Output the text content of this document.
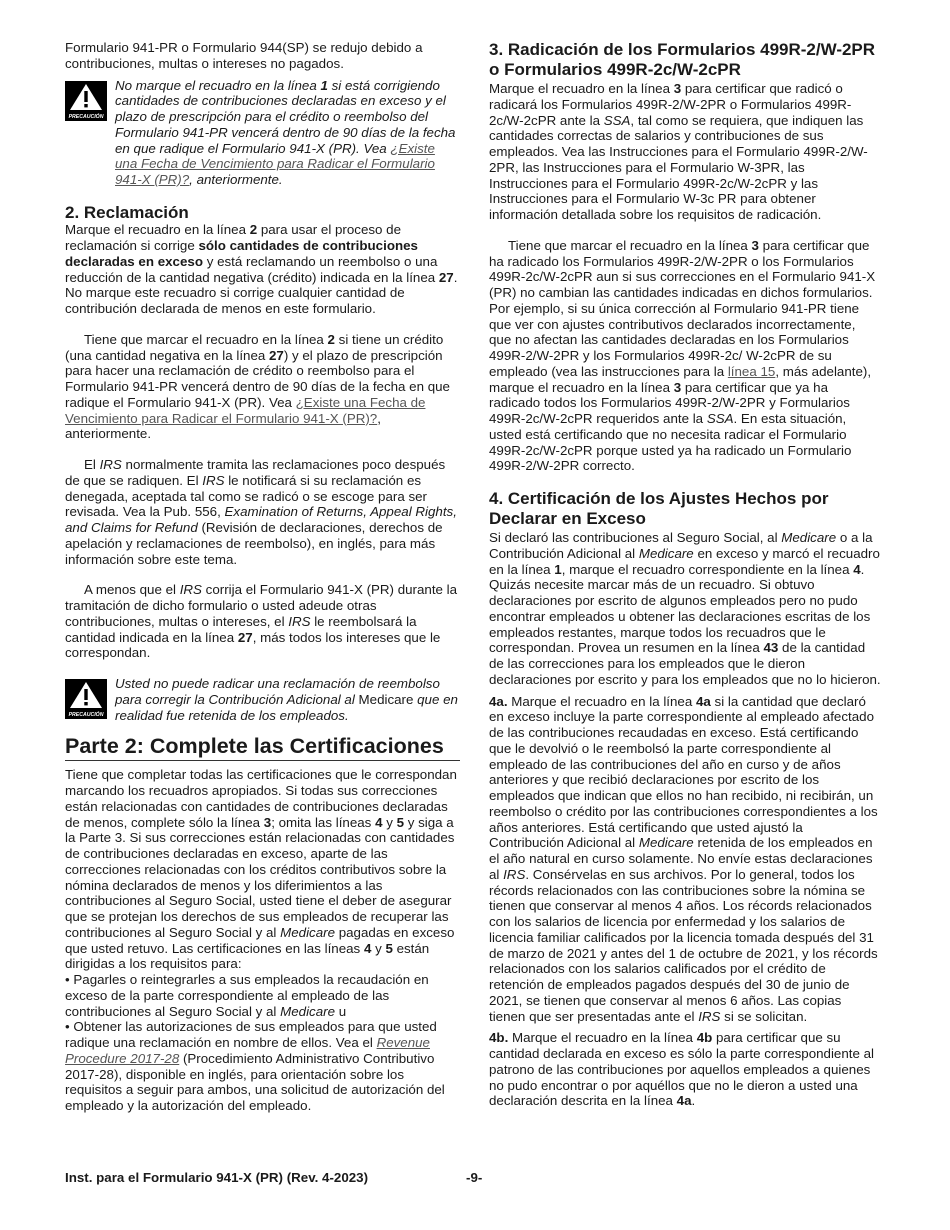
Formulario 941-PR o Formulario 944(SP) se redujo debido a contribuciones, multas o intereses no pagados.

PRECAUCIÓN
No marque el recuadro en la línea 1 si está corrigiendo cantidades de contribuciones declaradas en exceso y el plazo de prescripción para el crédito o reembolso del Formulario 941-PR vencerá dentro de 90 días de la fecha en que radique el Formulario 941-X (PR). Vea ¿Existe una Fecha de Vencimiento para Radicar el Formulario 941-X (PR)?, anteriormente.
2. Reclamación

Marque el recuadro en la línea 2 para usar el proceso de reclamación si corrige sólo cantidades de contribuciones declaradas en exceso y está reclamando un reembolso o una reducción de la cantidad negativa (crédito) indicada en la línea 27. No marque este recuadro si corrige cualquier cantidad de contribución declarada de menos en este formulario.

Tiene que marcar el recuadro en la línea 2 si tiene un crédito (una cantidad negativa en la línea 27) y el plazo de prescripción para hacer una reclamación de crédito o reembolso para el Formulario 941-PR vencerá dentro de 90 días de la fecha en que radique el Formulario 941-X (PR). Vea ¿Existe una Fecha de Vencimiento para Radicar el Formulario 941-X (PR)?, anteriormente.

El IRS normalmente tramita las reclamaciones poco después de que se radiquen. El IRS le notificará si su reclamación es denegada, aceptada tal como se radicó o se escoge para ser revisada. Vea la Pub. 556, Examination of Returns, Appeal Rights, and Claims for Refund (Revisión de declaraciones, derechos de apelación y reclamaciones de reembolso), en inglés, para más información sobre este tema.

A menos que el IRS corrija el Formulario 941-X (PR) durante la tramitación de dicho formulario o usted adeude otras contribuciones, multas o intereses, el IRS le reembolsará la cantidad indicada en la línea 27, más todos los intereses que le correspondan.

PRECAUCIÓN
Usted no puede radicar una reclamación de reembolso para corregir la Contribución Adicional al Medicare que en realidad fue retenida de los empleados.
Parte 2: Complete las Certificaciones

Tiene que completar todas las certificaciones que le correspondan marcando los recuadros apropiados. Si todas sus correcciones están relacionadas con cantidades de contribuciones declaradas de menos, complete sólo la línea 3; omita las líneas 4 y 5 y siga a la Parte 3. Si sus correcciones están relacionadas con cantidades de contribuciones declaradas en exceso, aparte de las correcciones relacionadas con los créditos contributivos sobre la nómina declarados de menos y los diferimientos a las contribuciones al Seguro Social, usted tiene el deber de asegurar que se protejan los derechos de sus empleados de recuperar las contribuciones al Seguro Social y al Medicare pagadas en exceso que usted retuvo. Las certificaciones en las líneas 4 y 5 están dirigidas a los requisitos para:

• Pagarles o reintegrarles a sus empleados la recaudación en exceso de la parte correspondiente al empleado de las contribuciones al Seguro Social y al Medicare u

• Obtener las autorizaciones de sus empleados para que usted radique una reclamación en nombre de ellos. Vea el Revenue Procedure 2017-28 (Procedimiento Administrativo Contributivo 2017-28), disponible en inglés, para orientación sobre los requisitos a seguir para ambos, una solicitud de autorización del empleado y la autorización del empleado.

3. Radicación de los Formularios 499R-2/W-2PR o Formularios 499R-2c/W-2cPR

Marque el recuadro en la línea 3 para certificar que radicó o radicará los Formularios 499R-2/W-2PR o Formularios 499R-2c/W-2cPR ante la SSA, tal como se requiera, que indiquen las cantidades correctas de salarios y contribuciones de sus empleados. Vea las Instrucciones para el Formulario 499R-2/W-2PR, las Instrucciones para el Formulario W-3PR, las Instrucciones para el Formulario 499R-2c/W-2cPR y las Instrucciones para el Formulario W-3c PR para obtener información detallada sobre los requisitos de radicación.

Tiene que marcar el recuadro en la línea 3 para certificar que ha radicado los Formularios 499R-2/W-2PR o los Formularios 499R-2c/W-2cPR aun si sus correcciones en el Formulario 941-X (PR) no cambian las cantidades indicadas en dichos formularios. Por ejemplo, si su única corrección al Formulario 941-PR tiene que ver con ajustes contributivos declarados incorrectamente, que no afectan las cantidades declaradas en los Formularios 499R-2/W-2PR y los Formularios 499R-2c/ W-2cPR de su empleado (vea las instrucciones para la línea 15, más adelante), marque el recuadro en la línea 3 para certificar que ya ha radicado todos los Formularios 499R-2/W-2PR y Formularios 499R-2c/W-2cPR requeridos ante la SSA. En esta situación, usted está certificando que no necesita radicar el Formulario 499R-2c/W-2cPR porque usted ya ha radicado un Formulario 499R-2/W-2PR correcto.

4. Certificación de los Ajustes Hechos por Declarar en Exceso

Si declaró las contribuciones al Seguro Social, al Medicare o a la Contribución Adicional al Medicare en exceso y marcó el recuadro en la línea 1, marque el recuadro correspondiente en la línea 4. Quizás necesite marcar más de un recuadro. Si obtuvo declaraciones por escrito de algunos empleados pero no pudo encontrar empleados u obtener las declaraciones escritas de los empleados restantes, marque todos los recuadros que le correspondan. Provea un resumen en la línea 43 de la cantidad de las correcciones para los empleados que le dieron declaraciones por escrito y para los empleados que no lo hicieron.

4a. Marque el recuadro en la línea 4a si la cantidad que declaró en exceso incluye la parte correspondiente al empleado afectado de las contribuciones recaudadas en exceso. Está certificando que le devolvió o le reembolsó la parte correspondiente al empleado de las contribuciones del año en curso y de años anteriores y que recibió declaraciones por escrito de los empleados que indican que ellos no han recibido, ni recibirán, un reembolso o crédito por las contribuciones correspondientes a los años anteriores. Está certificando que usted ajustó la Contribución Adicional al Medicare retenida de los empleados en el año natural en curso solamente. No envíe estas declaraciones al IRS. Consérvelas en sus archivos. Por lo general, todos los récords relacionados con las contribuciones sobre la nómina se tienen que conservar al menos 4 años. Los récords relacionados con los salarios de licencia por enfermedad y los salarios de licencia familiar calificados por la licencia tomada después del 31 de marzo de 2021 y antes del 1 de octubre de 2021, y los récords relacionados con los salarios calificados por el crédito de retención de empleados pagados después del 30 de junio de 2021, se tienen que conservar al menos 6 años. Las copias tienen que ser presentadas ante el IRS si se solicitan.

4b. Marque el recuadro en la línea 4b para certificar que su cantidad declarada en exceso es sólo la parte correspondiente al patrono de las contribuciones por aquellos empleados a quienes no pudo encontrar o por aquéllos que no le dieron a usted una declaración descrita en la línea 4a.

Inst. para el Formulario 941-X (PR) (Rev. 4-2023)	-9-
